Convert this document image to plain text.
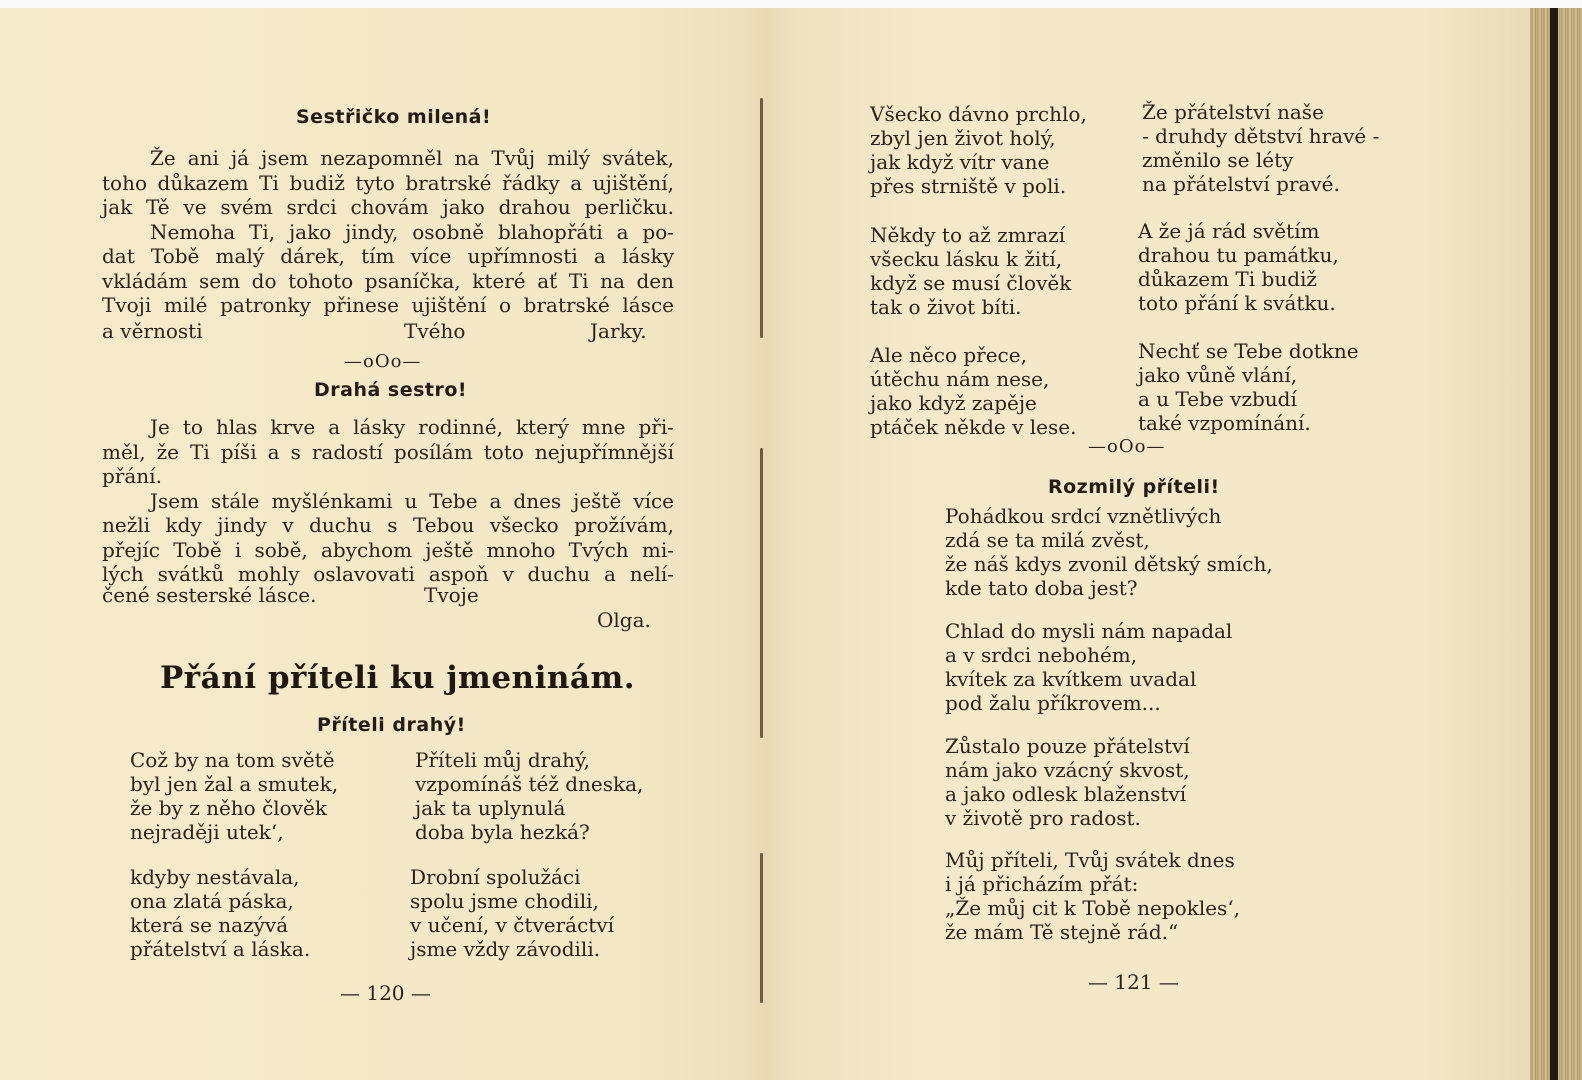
Sestřičko milená!
Že ani já jsem nezapomněl na Tvůj milý svátek,
toho důkazem Ti budiž tyto bratrské řádky a ujištění,
jak Tě ve svém srdci chovám jako drahou perličku.
Nemoha Ti, jako jindy, osobně blahopřáti a po-
dat Tobě malý dárek, tím více upřímnosti a lásky
vkládám sem do tohoto psaníčka, které ať Ti na den
Tvoji milé patronky přinese ujištění o bratrské lásce
a věrnosti	Tvého	Jarky.
—oOo—
Drahá sestro!
Je to hlas krve a lásky rodinné, který mne při-
měl, že Ti píši a s radostí posílám toto nejupřímnější
přání.
Jsem stále myšlénkami u Tebe a dnes ještě více
nežli kdy jindy v duchu s Tebou všecko prožívám,
přejíc Tobě i sobě, abychom ještě mnoho Tvých mi-
lých svátků mohly oslavovati aspoň v duchu a nelí-
čené sesterské lásce.	Tvoje
Olga.
Přání příteli ku jmeninám.
Příteli drahý!
Což by na tom světě
byl jen žal a smutek,
že by z něho člověk
nejraději utek‘,
kdyby nestávala,
ona zlatá páska,
která se nazývá
přátelství a láska.
Příteli můj drahý,
vzpomínáš též dneska,
jak ta uplynulá
doba byla hezká?
Drobní spolužáci
spolu jsme chodili,
v učení, v čtveráctví
jsme vždy závodili.
— 120 —
Všecko dávno prchlo,
zbyl jen život holý,
jak když vítr vane
přes strniště v poli.
Někdy to až zmrazí
všecku lásku k žití,
když se musí člověk
tak o život bíti.
Ale něco přece,
útěchu nám nese,
jako když zapěje
ptáček někde v lese.
Že přátelství naše
- druhdy dětství hravé -
změnilo se léty
na přátelství pravé.
A že já rád světím
drahou tu památku,
důkazem Ti budiž
toto přání k svátku.
Nechť se Tebe dotkne
jako vůně vlání,
a u Tebe vzbudí
také vzpomínání.
—oOo—
Rozmilý příteli!
Pohádkou srdcí vznětlivých
zdá se ta milá zvěst,
že náš kdys zvonil dětský smích,
kde tato doba jest?
Chlad do mysli nám napadal
a v srdci nebohém,
kvítek za kvítkem uvadal
pod žalu příkrovem...
Zůstalo pouze přátelství
nám jako vzácný skvost,
a jako odlesk blaženství
v životě pro radost.
Můj příteli, Tvůj svátek dnes
i já přicházím přát:
„Že můj cit k Tobě nepokles‘,
že mám Tě stejně rád.“
— 121 —
